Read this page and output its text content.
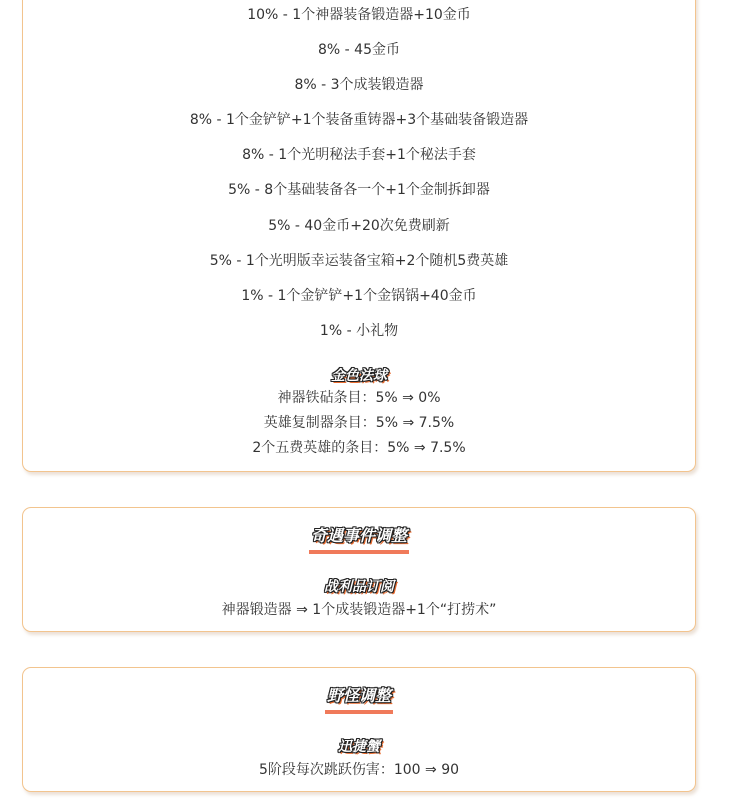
10% - 1个神器装备锻造器+10金币
8% - 45金币
8% - 3个成装锻造器
8% - 1个金铲铲+1个装备重铸器+3个基础装备锻造器
8% - 1个光明秘法手套+1个秘法手套
5% - 8个基础装备各一个+1个金制拆卸器
5% - 40金币+20次免费刷新
5% - 1个光明版幸运装备宝箱+2个随机5费英雄
1% - 1个金铲铲+1个金锅锅+40金币
1% - 小礼物
金色法球
神器铁砧条目：5% ⇒ 0%
英雄复制器条目：5% ⇒ 7.5%
2个五费英雄的条目：5% ⇒ 7.5%
奇遇事件调整
战利品订阅
神器锻造器 ⇒ 1个成装锻造器+1个“打捞术”
野怪调整
迅捷蟹
5阶段每次跳跃伤害：100 ⇒ 90
